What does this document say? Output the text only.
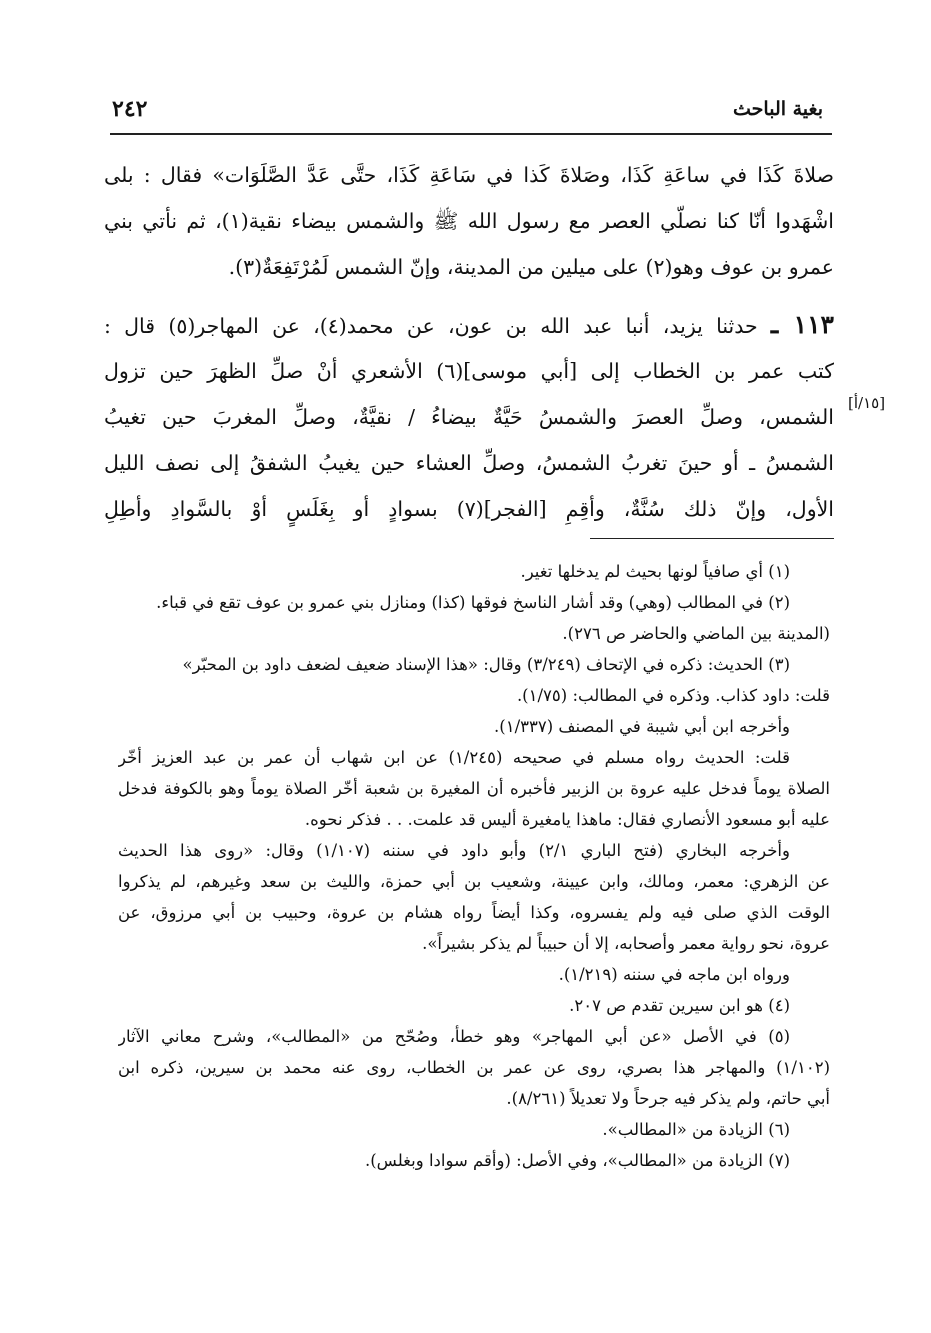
بغية الباحث
٢٤٢
صلاةَ كَذَا في ساعَةِ كَذَا، وصَلاةَ كَذا في سَاعَةِ كَذَا، حتَّى عَدَّ الصَّلَوَات» فقال : بلى
اشْهَدوا أنّا كنا نصلّي العصر مع رسول الله ﷺ والشمس بيضاء نقية(١)، ثم نأتي بني
عمرو بن عوف وهو(٢) على ميلين من المدينة، وإنّ الشمس لَمُرْتَفِعَةٌ(٣).
١١٣ ـ حدثنا يزيد، أنبا عبد الله بن عون، عن محمد(٤)، عن المهاجر(٥) قال :
كتب عمر بن الخطاب إلى [أبي موسى](٦) الأشعري أنْ صلِّ الظهرَ حين تزول
الشمس، وصلِّ العصرَ والشمسُ حَيَّةٌ بيضاءُ / نقيَّةٌ، وصلِّ المغربَ حين تغيبُ
الشمسُ ـ أو حينَ تغربُ الشمسُ، وصلِّ العشاء حين يغيبُ الشفقُ إلى نصف الليل
الأول، وإنّ ذلك سُنَّةٌ، وأقِمِ [الفجر](٧) بسوادٍ أو بِغَلَسٍ أوْ بالسَّوادِ وأطِلِ
[١٥/أ]
(١) أي صافياً لونها بحيث لم يدخلها تغير.
(٢) في المطالب (وهي) وقد أشار الناسخ فوقها (كذا) ومنازل بني عمرو بن عوف تقع في قباء.
(المدينة بين الماضي والحاضر ص ٢٧٦).
(٣) الحديث: ذكره في الإتحاف (٣/٢٤٩) وقال: «هذا الإسناد ضعيف لضعف داود بن المحبّر»
قلت: داود كذاب. وذكره في المطالب: (١/٧٥).
وأخرجه ابن أبي شيبة في المصنف (١/٣٣٧).
قلت: الحديث رواه مسلم في صحيحه (١/٢٤٥) عن ابن شهاب أن عمر بن عبد العزيز أخّر
الصلاة يوماً فدخل عليه عروة بن الزبير فأخبره أن المغيرة بن شعبة أخّر الصلاة يوماً وهو بالكوفة فدخل
عليه أبو مسعود الأنصاري فقال: ماهذا يامغيرة أليس قد علمت. . . فذكر نحوه.
وأخرجه البخاري (فتح الباري ٢/١) وأبو داود في سننه (١/١٠٧) وقال: «روى هذا الحديث
عن الزهري: معمر، ومالك، وابن عيينة، وشعيب بن أبي حمزة، والليث بن سعد وغيرهم، لم يذكروا
الوقت الذي صلى فيه ولم يفسروه، وكذا أيضاً رواه هشام بن عروة، وحبيب بن أبي مرزوق، عن
عروة، نحو رواية معمر وأصحابه، إلا أن حبيباً لم يذكر بشيراً».
ورواه ابن ماجه في سننه (١/٢١٩).
(٤) هو ابن سيرين تقدم ص ٢٠٧.
(٥) في الأصل «عن أبي المهاجر» وهو خطأ، وصُحّح من «المطالب»، وشرح معاني الآثار
(١/١٠٢) والمهاجر هذا بصري، روى عن عمر بن الخطاب، روى عنه محمد بن سيرين، ذكره ابن
أبي حاتم، ولم يذكر فيه جرحاً ولا تعديلاً (٨/٢٦١).
(٦) الزيادة من «المطالب».
(٧) الزيادة من «المطالب»، وفي الأصل: (وأقم سوادا وبغلس).
